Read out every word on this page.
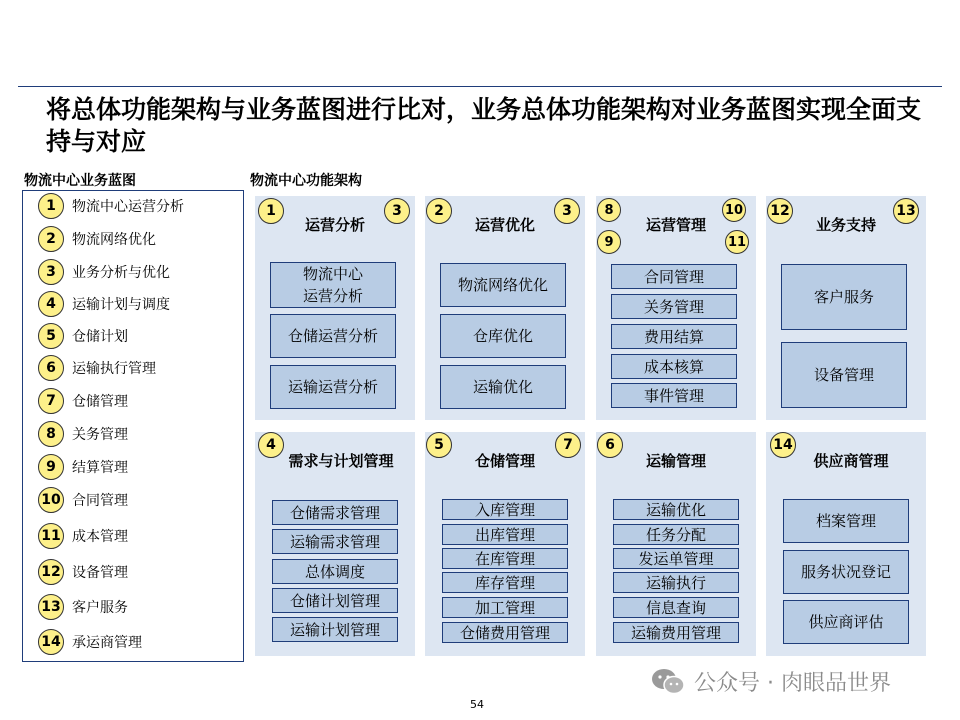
将总体功能架构与业务蓝图进行比对，业务总体功能架构对业务蓝图实现全面支持与对应
物流中心业务蓝图	物流中心功能架构
1	物流中心运营分析
2	物流网络优化
3	业务分析与优化
4	运输计划与调度
5	仓储计划
6	运输执行管理
7	仓储管理
8	关务管理
9	结算管理
10 合同管理
11 成本管理
12 设备管理
13 客户服务
14 承运商管理
运营分析
1	3
物流中心
运营分析
仓储运营分析
运输运营分析
运营优化
2	3
物流网络优化
仓库优化
运输优化
运营管理
8
9
10
11
合同管理
关务管理
费用结算
成本核算
事件管理
业务支持
12	13
客户服务
设备管理
需求与计划管理
4
仓储需求管理
运输需求管理
总体调度
仓储计划管理
运输计划管理
仓储管理
5	7
入库管理
出库管理
在库管理
库存管理
加工管理
仓储费用管理
运输管理
6
运输优化
任务分配
发运单管理
运输执行
信息查询
运输费用管理
供应商管理
14
档案管理
服务状况登记
供应商评估
54
公众号 · 肉眼品世界
